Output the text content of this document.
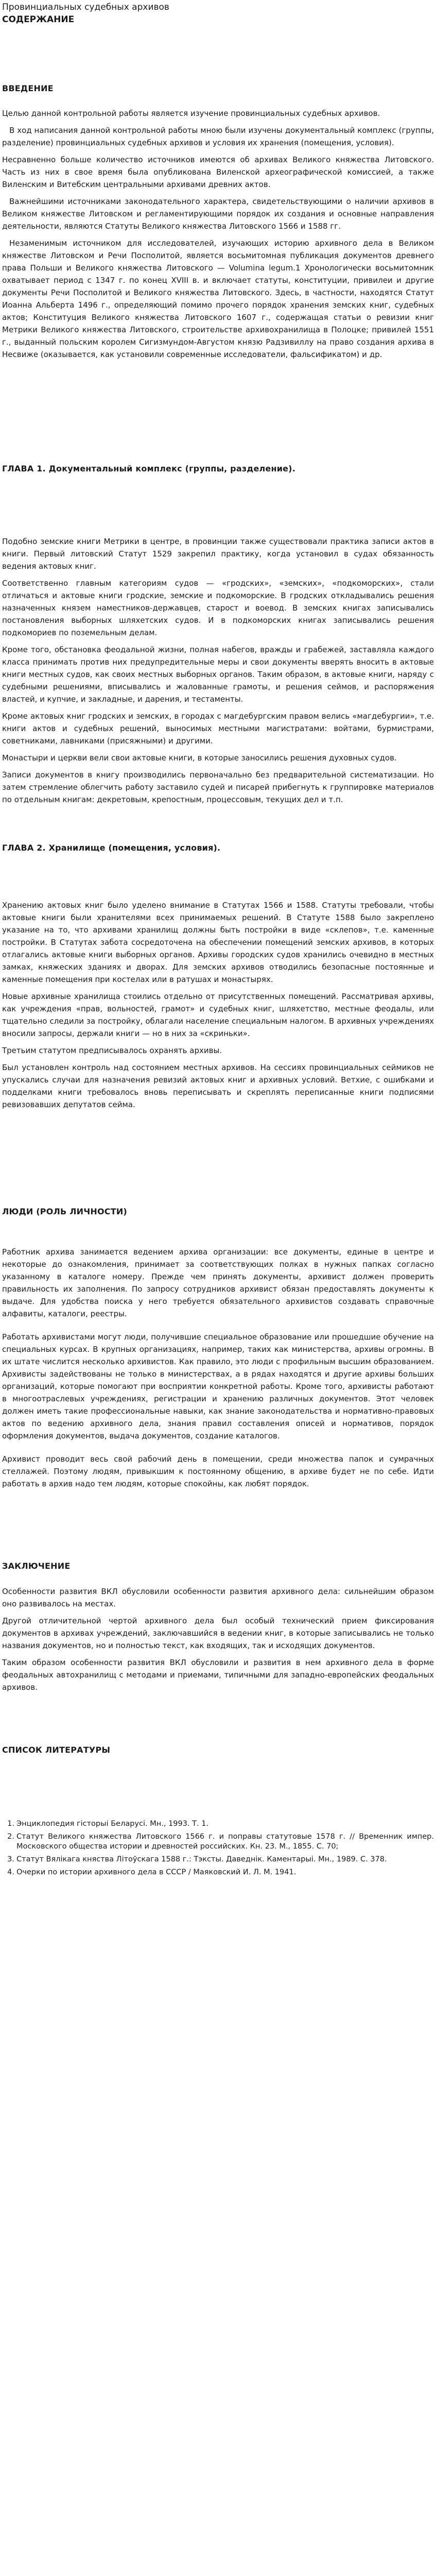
Провинциальных судебных архивов
СОДЕРЖАНИЕ
ВВЕДЕНИЕ

Целью данной контрольной работы является изучение провинциальных судебных архивов.

В ход написания данной контрольной работы мною были изучены документальный комплекс (группы, разделение) провинциальных судебных архивов и условия их хранения (помещения, условия).

Несравненно больше количество источников имеются об архивах Великого княжества Литовского. Часть из них в свое время была опубликована Виленской археографической комиссией, а также Виленским и Витебским центральными архивами древних актов.

Важнейшими источниками законодательного характера, свидетельствующими о наличии архивов в Великом княжестве Литовском и регламентирующими порядок их создания и основные направления деятельности, являются Статуты Великого княжества Литовского 1566 и 1588 гг.

Незаменимым источником для исследователей, изучающих историю архивного дела в Великом княжестве Литовском и Речи Посполитой, является восьмитомная публикация документов древнего права Польши и Великого княжества Литовского — Volumina legum.1 Хронологически восьмитомник охватывает период с 1347 г. по конец XVIII в. и включает статуты, конституции, привилеи и другие документы Речи Посполитой и Великого княжества Литовского. Здесь, в частности, находятся Статут Иоанна Альберта 1496 г., определяющий помимо прочего порядок хранения земских книг, судебных актов; Конституция Великого княжества Литовского 1607 г., содержащая статьи о ревизии книг Метрики Великого княжества Литовского, строительстве архивохранилища в Полоцке; привилей 1551 г., выданный польским королем Сигизмундом-Августом князю Радзивиллу на право создания архива в Несвиже (оказывается, как установили современные исследователи, фальсификатом) и др.

ГЛАВА 1. Документальный комплекс (группы, разделение).

Подобно земские книги Метрики в центре, в провинции также существовали практика записи актов в книги. Первый литовский Статут 1529 закрепил практику, когда установил в судах обязанность ведения актовых книг.

Соответственно главным категориям судов — «гродских», «земских», «подкоморских», стали отличаться и актовые книги гродские, земские и подкоморские. В гродских откладывались решения назначенных князем наместников-державцев, старост и воевод. В земских книгах записывались постановления выборных шляхетских судов. И в подкоморских книгах записывались решения подкомориев по поземельным делам.

Кроме того, обстановка феодальной жизни, полная набегов, вражды и грабежей, заставляла каждого класса принимать против них предупредительные меры и свои документы вверять вносить в актовые книги местных судов, как своих местных выборных органов. Таким образом, в актовые книги, наряду с судебными решениями, вписывались и жалованные грамоты, и решения сеймов, и распоряжения властей, и купчие, и закладные, и дарения, и тестаменты.

Кроме актовых книг гродских и земских, в городах с магдебургским правом велись «магдебургии», т.е. книги актов и судебных решений, выносимых местными магистратами: войтами, бурмистрами, советниками, лавниками (присяжными) и другими.

Монастыри и церкви вели свои актовые книги, в которые заносились решения духовных судов.

Записи документов в книгу производились первоначально без предварительной систематизации. Но затем стремление облегчить работу заставило судей и писарей прибегнуть к группировке материалов по отдельным книгам: декретовым, крепостным, процессовым, текущих дел и т.п.

ГЛАВА 2. Хранилище (помещения, условия).

Хранению актовых книг было уделено внимание в Статутах 1566 и 1588. Статуты требовали, чтобы актовые книги были хранителями всех принимаемых решений. В Статуте 1588 было закреплено указание на то, что архивами хранилищ должны быть постройки в виде «склепов», т.е. каменные постройки. В Статутах забота сосредоточена на обеспечении помещений земских архивов, в которых отлагались актовые книги выборных органов. Архивы городских судов хранились очевидно в местных замках, княжеских зданиях и дворах. Для земских архивов отводились безопасные постоянные и каменные помещения при костелах или в ратушах и монастырях.

Новые архивные хранилища стоились отдельно от присутственных помещений. Рассматривая архивы, как учреждения «прав, вольностей, грамот» и судебных книг, шляхетство, местные феодалы, или тщательно следили за постройку, облагали население специальным налогом. В архивных учреждениях вносили запросы, держали книги — но в них за «скриньки».

Третьим статутом предписывалось охранять архивы.

Был установлен контроль над состоянием местных архивов. На сессиях провинциальных сеймиков не упускались случаи для назначения ревизий актовых книг и архивных условий. Ветхие, с ошибками и подделками книги требовалось вновь переписывать и скреплять переписанные книги подписями ревизовавших депутатов сейма.

ЛЮДИ (РОЛЬ ЛИЧНОСТИ)

Работник архива занимается ведением архива организации: все документы, единые в центре и некоторые до ознакомления, принимает за соответствующих полках в нужных папках согласно указанному в каталоге номеру. Прежде чем принять документы, архивист должен проверить правильность их заполнения. По запросу сотрудников архивист обязан предоставлять документы к выдаче. Для удобства поиска у него требуется обязательного архивистов создавать справочные алфавиты, каталоги, реестры.

Работать архивистами могут люди, получившие специальное образование или прошедшие обучение на специальных курсах. В крупных организациях, например, таких как министерства, архивы огромны. В их штате числится несколько архивистов. Как правило, это люди с профильным высшим образованием. Архивисты задействованы не только в министерствах, а в рядах находятся и другие архивы больших организаций, которые помогают при восприятии конкретной работы. Кроме того, архивисты работают в многоотраслевых учреждениях, регистрации и хранению различных документов. Этот человек должен иметь такие профессиональные навыки, как знание законодательства и нормативно-правовых актов по ведению архивного дела, знания правил составления описей и нормативов, порядок оформления документов, выдача документов, создание каталогов.

Архивист проводит весь свой рабочий день в помещении, среди множества папок и сумрачных стеллажей. Поэтому людям, привыкшим к постоянному общению, в архиве будет не по себе. Идти работать в архив надо тем людям, которые спокойны, как любят порядок.

ЗАКЛЮЧЕНИЕ

Особенности развития ВКЛ обусловили особенности развития архивного дела: сильнейшим образом оно развивалось на местах.

Другой отличительной чертой архивного дела был особый технический прием фиксирования документов в архивах учреждений, заключавшийся в ведении книг, в которые записывались не только названия документов, но и полностью текст, как входящих, так и исходящих документов.

Таким образом особенности развития ВКЛ обусловили и развития в нем архивного дела в форме феодальных автохранилищ с методами и приемами, типичными для западно-европейских феодальных архивов.

СПИСОК ЛИТЕРАТУРЫ
1. Энциклопедия гісторыі Беларусі. Мн., 1993. Т. 1.
2. Статут Великого княжества Литовского 1566 г. и поправы статутовые 1578 г. // Временник импер. Московского общества истории и древностей российских. Кн. 23. М., 1855. С. 70;
3. Статут Вялікага княства Літоўскага 1588 г.: Тэксты. Даведнік. Каментарыі. Мн., 1989. С. 378.
4. Очерки по истории архивного дела в СССР / Маяковский И. Л. М. 1941.
